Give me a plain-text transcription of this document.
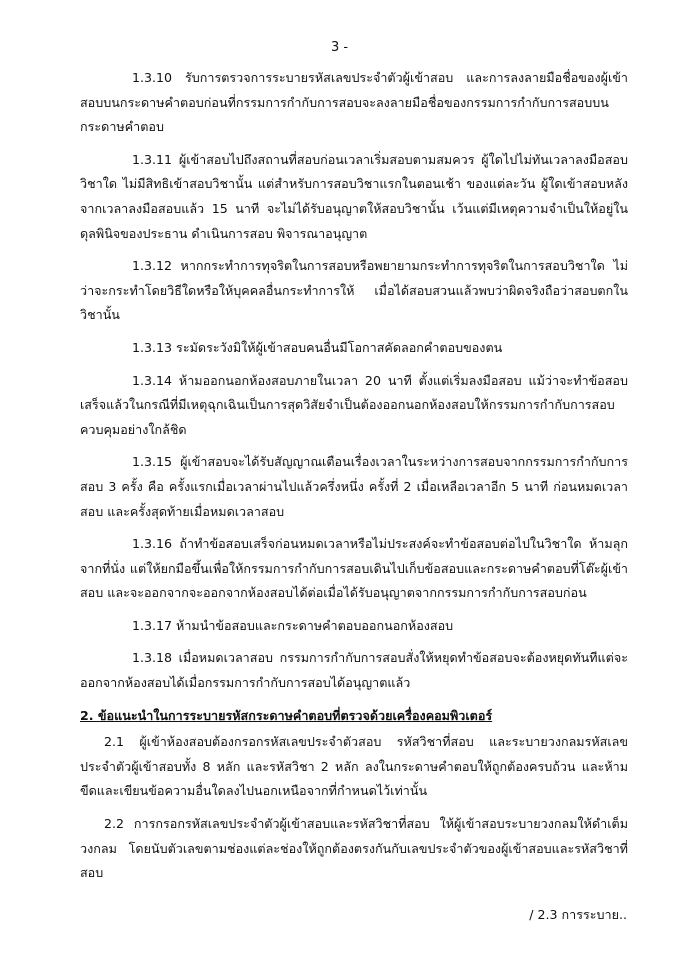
3 -

1.3.10 รับการตรวจการระบายรหัสเลขประจำตัวผู้เข้าสอบ และการลงลายมือชื่อของผู้เข้าสอบบนกระดาษคำตอบก่อนที่กรรมการกำกับการสอบจะลงลายมือชื่อของกรรมการกำกับการสอบบนกระดาษคำตอบ

1.3.11 ผู้เข้าสอบไปถึงสถานที่สอบก่อนเวลาเริ่มสอบตามสมควร ผู้ใดไปไม่ทันเวลาลงมือสอบวิชาใด ไม่มีสิทธิเข้าสอบวิชานั้น แต่สำหรับการสอบวิชาแรกในตอนเช้า ของแต่ละวัน ผู้ใดเข้าสอบหลังจากเวลาลงมือสอบแล้ว 15 นาที จะไม่ได้รับอนุญาตให้สอบวิชานั้น เว้นแต่มีเหตุความจำเป็นให้อยู่ในดุลพินิจของประธาน ดำเนินการสอบ พิจารณาอนุญาต

1.3.12 หากกระทำการทุจริตในการสอบหรือพยายามกระทำการทุจริตในการสอบวิชาใด ไม่ว่าจะกระทำโดยวิธีใดหรือให้บุคคลอื่นกระทำการให้ เมื่อได้สอบสวนแล้วพบว่าผิดจริงถือว่าสอบตกในวิชานั้น

1.3.13 ระมัดระวังมิให้ผู้เข้าสอบคนอื่นมีโอกาสคัดลอกคำตอบของตน

1.3.14 ห้ามออกนอกห้องสอบภายในเวลา 20 นาที ตั้งแต่เริ่มลงมือสอบ แม้ว่าจะทำข้อสอบเสร็จแล้วในกรณีที่มีเหตุฉุกเฉินเป็นการสุดวิสัยจำเป็นต้องออกนอกห้องสอบให้กรรมการกำกับการสอบควบคุมอย่างใกล้ชิด

1.3.15 ผู้เข้าสอบจะได้รับสัญญาณเตือนเรื่องเวลาในระหว่างการสอบจากกรรมการกำกับการสอบ 3 ครั้ง คือ ครั้งแรกเมื่อเวลาผ่านไปแล้วครึ่งหนึ่ง ครั้งที่ 2 เมื่อเหลือเวลาอีก 5 นาที ก่อนหมดเวลาสอบ และครั้งสุดท้ายเมื่อหมดเวลาสอบ

1.3.16 ถ้าทำข้อสอบเสร็จก่อนหมดเวลาหรือไม่ประสงค์จะทำข้อสอบต่อไปในวิชาใด ห้ามลุกจากที่นั่ง แต่ให้ยกมือขึ้นเพื่อให้กรรมการกำกับการสอบเดินไปเก็บข้อสอบและกระดาษคำตอบที่โต๊ะผู้เข้าสอบ และจะออกจากจะออกจากห้องสอบได้ต่อเมื่อได้รับอนุญาตจากกรรมการกำกับการสอบก่อน

1.3.17 ห้ามนำข้อสอบและกระดาษคำตอบออกนอกห้องสอบ

1.3.18 เมื่อหมดเวลาสอบ กรรมการกำกับการสอบสั่งให้หยุดทำข้อสอบจะต้องหยุดทันทีแต่จะออกจากห้องสอบได้เมื่อกรรมการกำกับการสอบได้อนุญาตแล้ว

2. ข้อแนะนำในการระบายรหัสกระดาษคำตอบที่ตรวจด้วยเครื่องคอมพิวเตอร์

2.1 ผู้เข้าห้องสอบต้องกรอกรหัสเลขประจำตัวสอบ รหัสวิชาที่สอบ และระบายวงกลมรหัสเลขประจำตัวผู้เข้าสอบทั้ง 8 หลัก และรหัสวิชา 2 หลัก ลงในกระดาษคำตอบให้ถูกต้องครบถ้วน และห้ามขีดและเขียนข้อความอื่นใดลงไปนอกเหนือจากที่กำหนดไว้เท่านั้น

2.2 การกรอกรหัสเลขประจำตัวผู้เข้าสอบและรหัสวิชาที่สอบ ให้ผู้เข้าสอบระบายวงกลมให้ดำเต็มวงกลม โดยนับตัวเลขตามช่องแต่ละช่องให้ถูกต้องตรงกันกับเลขประจำตัวของผู้เข้าสอบและรหัสวิชาที่สอบ

/ 2.3 การระบาย..
